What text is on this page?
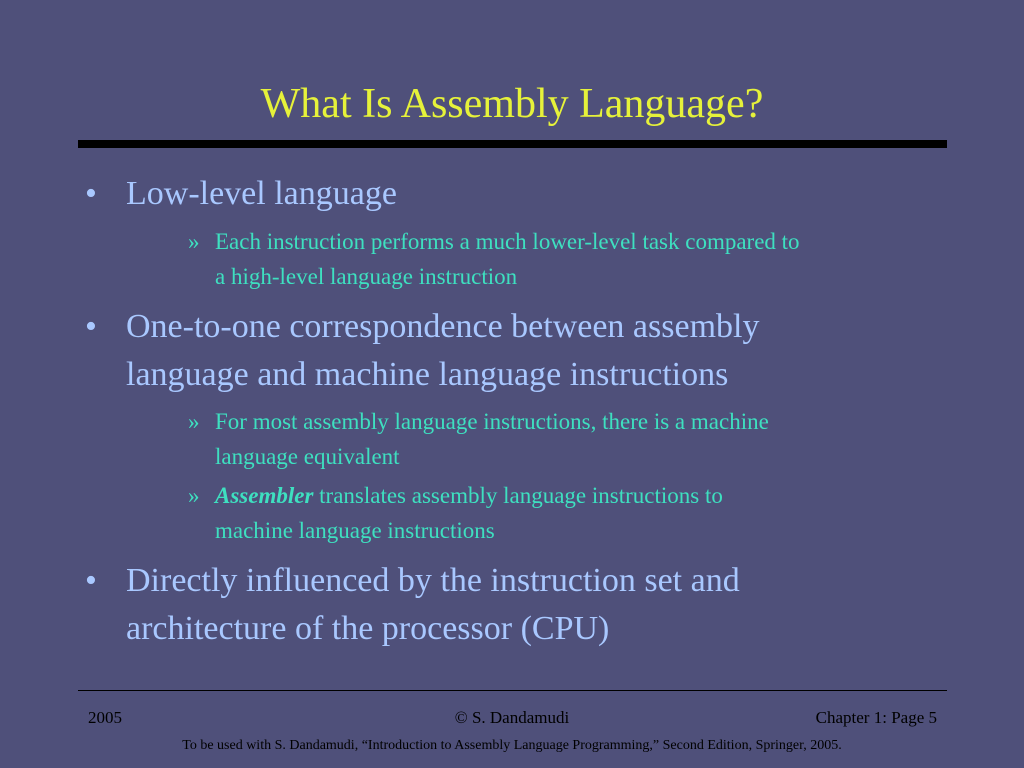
What Is Assembly Language?
• Low-level language
» Each instruction performs a much lower-level task compared to
a high-level language instruction
• One-to-one correspondence between assembly
language and machine language instructions
» For most assembly language instructions, there is a machine
language equivalent
» Assembler translates assembly language instructions to
machine language instructions
• Directly influenced by the instruction set and
architecture of the processor (CPU)
2005	© S. Dandamudi	Chapter 1: Page 5
To be used with S. Dandamudi, “Introduction to Assembly Language Programming,” Second Edition, Springer, 2005.
